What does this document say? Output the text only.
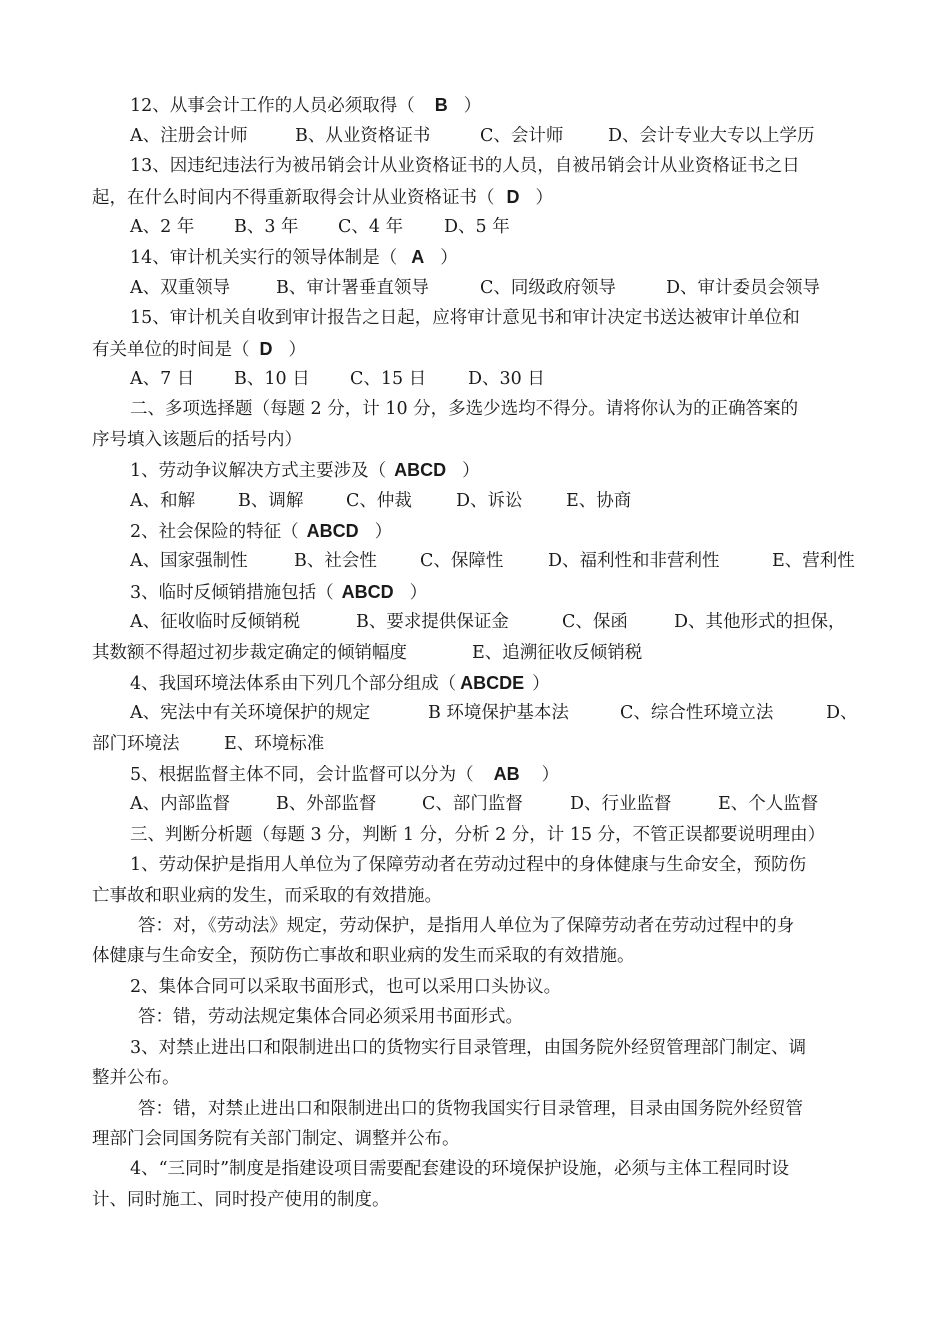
12、从事会计工作的人员必须取得（ B ）
A、注册会计师	B、从业资格证书	C、会计师	D、会计专业大专以上学历
13、因违纪违法行为被吊销会计从业资格证书的人员，自被吊销会计从业资格证书之日
起，在什么时间内不得重新取得会计从业资格证书（ D ）
A、2 年	B、3 年	C、4 年	D、5 年
14、审计机关实行的领导体制是（ A ）
A、双重领导	B、审计署垂直领导	C、同级政府领导	D、审计委员会领导
15、审计机关自收到审计报告之日起，应将审计意见书和审计决定书送达被审计单位和
有关单位的时间是（ D ）
A、7 日	B、10 日	C、15 日	D、30 日
二、多项选择题（每题 2 分，计 10 分，多选少选均不得分。请将你认为的正确答案的
序号填入该题后的括号内）
1、劳动争议解决方式主要涉及（ ABCD ）
A、和解	B、调解	C、仲裁	D、诉讼	E、协商
2、社会保险的特征（ ABCD ）
A、国家强制性	B、社会性	C、保障性	D、福利性和非营利性	E、营利性
3、临时反倾销措施包括（ ABCD ）
A、征收临时反倾销税	B、要求提供保证金	C、保函	D、其他形式的担保，
其数额不得超过初步裁定确定的倾销幅度	E、追溯征收反倾销税
4、我国环境法体系由下列几个部分组成（ ABCDE ）
A、宪法中有关环境保护的规定	B 环境保护基本法	C、综合性环境立法	D、
部门环境法	E、环境标准
5、根据监督主体不同，会计监督可以分为（ AB ）
A、内部监督	B、外部监督	C、部门监督	D、行业监督	E、个人监督
三、判断分析题（每题 3 分，判断 1 分，分析 2 分，计 15 分，不管正误都要说明理由）
1、劳动保护是指用人单位为了保障劳动者在劳动过程中的身体健康与生命安全，预防伤
亡事故和职业病的发生，而采取的有效措施。
答：对，《劳动法》规定，劳动保护，是指用人单位为了保障劳动者在劳动过程中的身
体健康与生命安全，预防伤亡事故和职业病的发生而采取的有效措施。
2、集体合同可以采取书面形式，也可以采用口头协议。
答：错，劳动法规定集体合同必须采用书面形式。
3、对禁止进出口和限制进出口的货物实行目录管理，由国务院外经贸管理部门制定、调
整并公布。
答：错，对禁止进出口和限制进出口的货物我国实行目录管理，目录由国务院外经贸管
理部门会同国务院有关部门制定、调整并公布。
4、“三同时”制度是指建设项目需要配套建设的环境保护设施，必须与主体工程同时设
计、同时施工、同时投产使用的制度。
